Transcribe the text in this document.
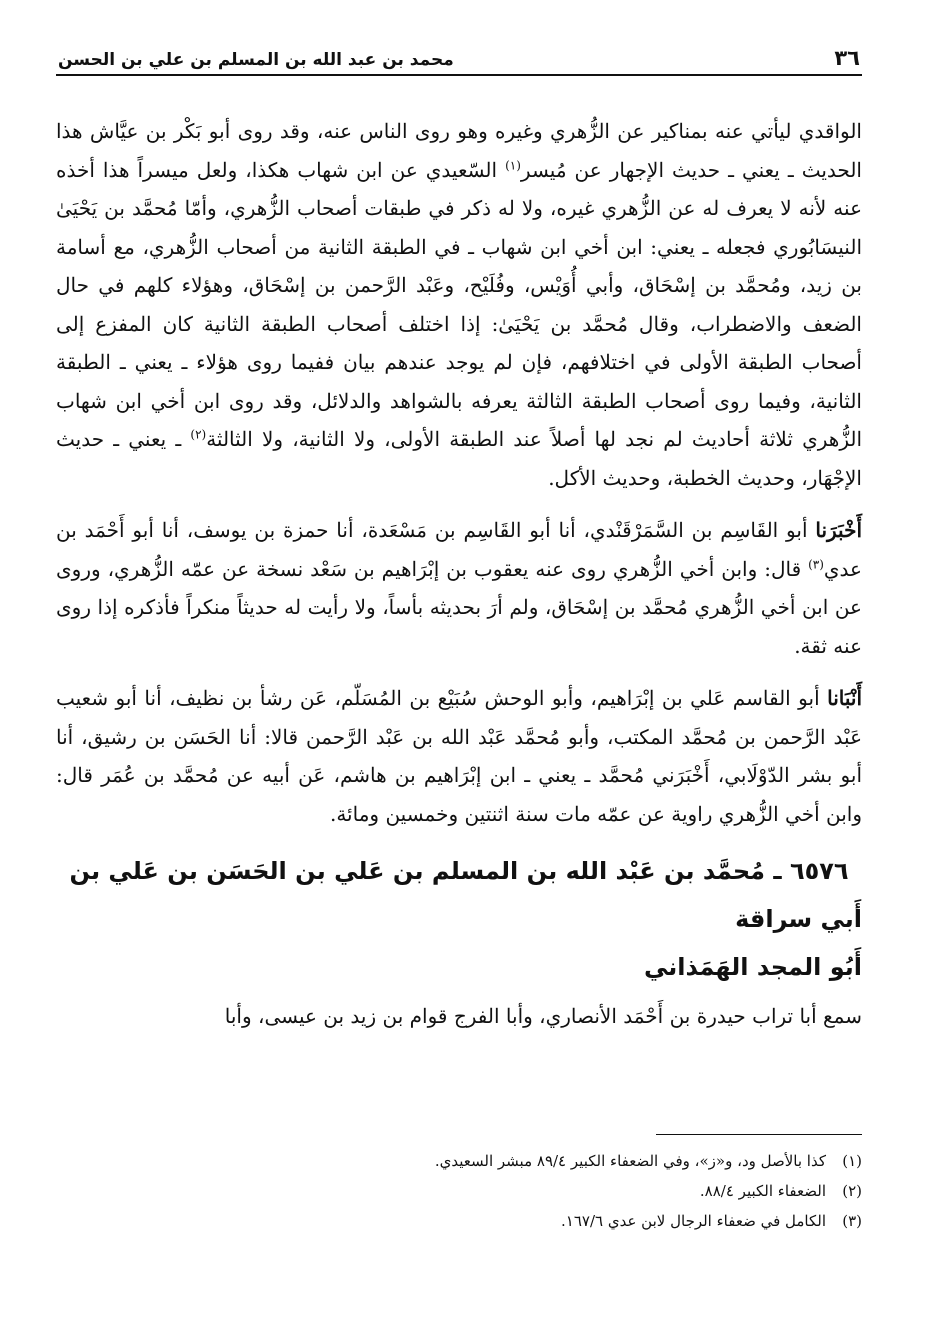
٣٦
محمد بن عبد الله بن المسلم بن علي بن الحسن

الواقدي ليأتي عنه بمناكير عن الزُّهري وغيره وهو روى الناس عنه، وقد روى أبو بَكْر بن عيَّاش هذا الحديث ـ يعني ـ حديث الإجهار عن مُيسر$^{(١)}$ السّعيدي عن ابن شهاب هكذا، ولعل ميسراً هذا أخذه عنه لأنه لا يعرف له عن الزُّهري غيره، ولا له ذكر في طبقات أصحاب الزُّهري، وأمّا مُحمَّد بن يَحْيَىٰ النيسَابُوري فجعله ـ يعني: ابن أخي ابن شهاب ـ في الطبقة الثانية من أصحاب الزُّهري، مع أسامة بن زيد، ومُحمَّد بن إسْحَاق، وأبي أُوَيْس، وفُلَيْح، وعَبْد الرَّحمن بن إسْحَاق، وهؤلاء كلهم في حال الضعف والاضطراب، وقال مُحمَّد بن يَحْيَىٰ: إذا اختلف أصحاب الطبقة الثانية كان المفزع إلى أصحاب الطبقة الأولى في اختلافهم، فإن لم يوجد عندهم بيان ففيما روى هؤلاء ـ يعني ـ الطبقة الثانية، وفيما روى أصحاب الطبقة الثالثة يعرفه بالشواهد والدلائل، وقد روى ابن أخي ابن شهاب الزُّهري ثلاثة أحاديث لم نجد لها أصلاً عند الطبقة الأولى، ولا الثانية، ولا الثالثة$^{(٢)}$ ـ يعني ـ حديث الإجْهَار، وحديث الخطبة، وحديث الأكل.

أَخْبَرَنا أبو القَاسِم بن السَّمَرْقَنْدي، أنا أبو القَاسِم بن مَسْعَدة، أنا حمزة بن يوسف، أنا أبو أَحْمَد بن عدي$^{(٣)}$ قال: وابن أخي الزُّهري روى عنه يعقوب بن إبْرَاهيم بن سَعْد نسخة عن عمّه الزُّهري، وروى عن ابن أخي الزُّهري مُحمَّد بن إسْحَاق، ولم أرَ بحديثه بأساً، ولا رأيت له حديثاً منكراً فأذكره إذا روى عنه ثقة.

أَنْبَانا أبو القاسم عَلي بن إبْرَاهيم، وأبو الوحش سُبَيْع بن المُسَلّم، عَن رشأ بن نظيف، أنا أبو شعيب عَبْد الرَّحمن بن مُحمَّد المكتب، وأبو مُحمَّد عَبْد الله بن عَبْد الرَّحمن قالا: أنا الحَسَن بن رشيق، أنا أبو بشر الدّوْلَابي، أَخْبَرَني مُحمَّد ـ يعني ـ ابن إبْرَاهيم بن هاشم، عَن أبيه عن مُحمَّد بن عُمَر قال: وابن أخي الزُّهري راوية عن عمّه مات سنة اثنتين وخمسين ومائة.

٦٥٧٦ ـ مُحمَّد بن عَبْد الله بن المسلم بن عَلي بن الحَسَن بن عَلي بن أَبي سراقة
أَبُو المجد الهَمَذاني

سمع أبا تراب حيدرة بن أَحْمَد الأنصاري، وأبا الفرج قوام بن زيد بن عيسى، وأبا

(١)
كذا بالأصل ود، و«ز»، وفي الضعفاء الكبير ٨٩/٤ مبشر السعيدي.
(٢)
الضعفاء الكبير ٨٨/٤.
(٣)
الكامل في ضعفاء الرجال لابن عدي ١٦٧/٦.
